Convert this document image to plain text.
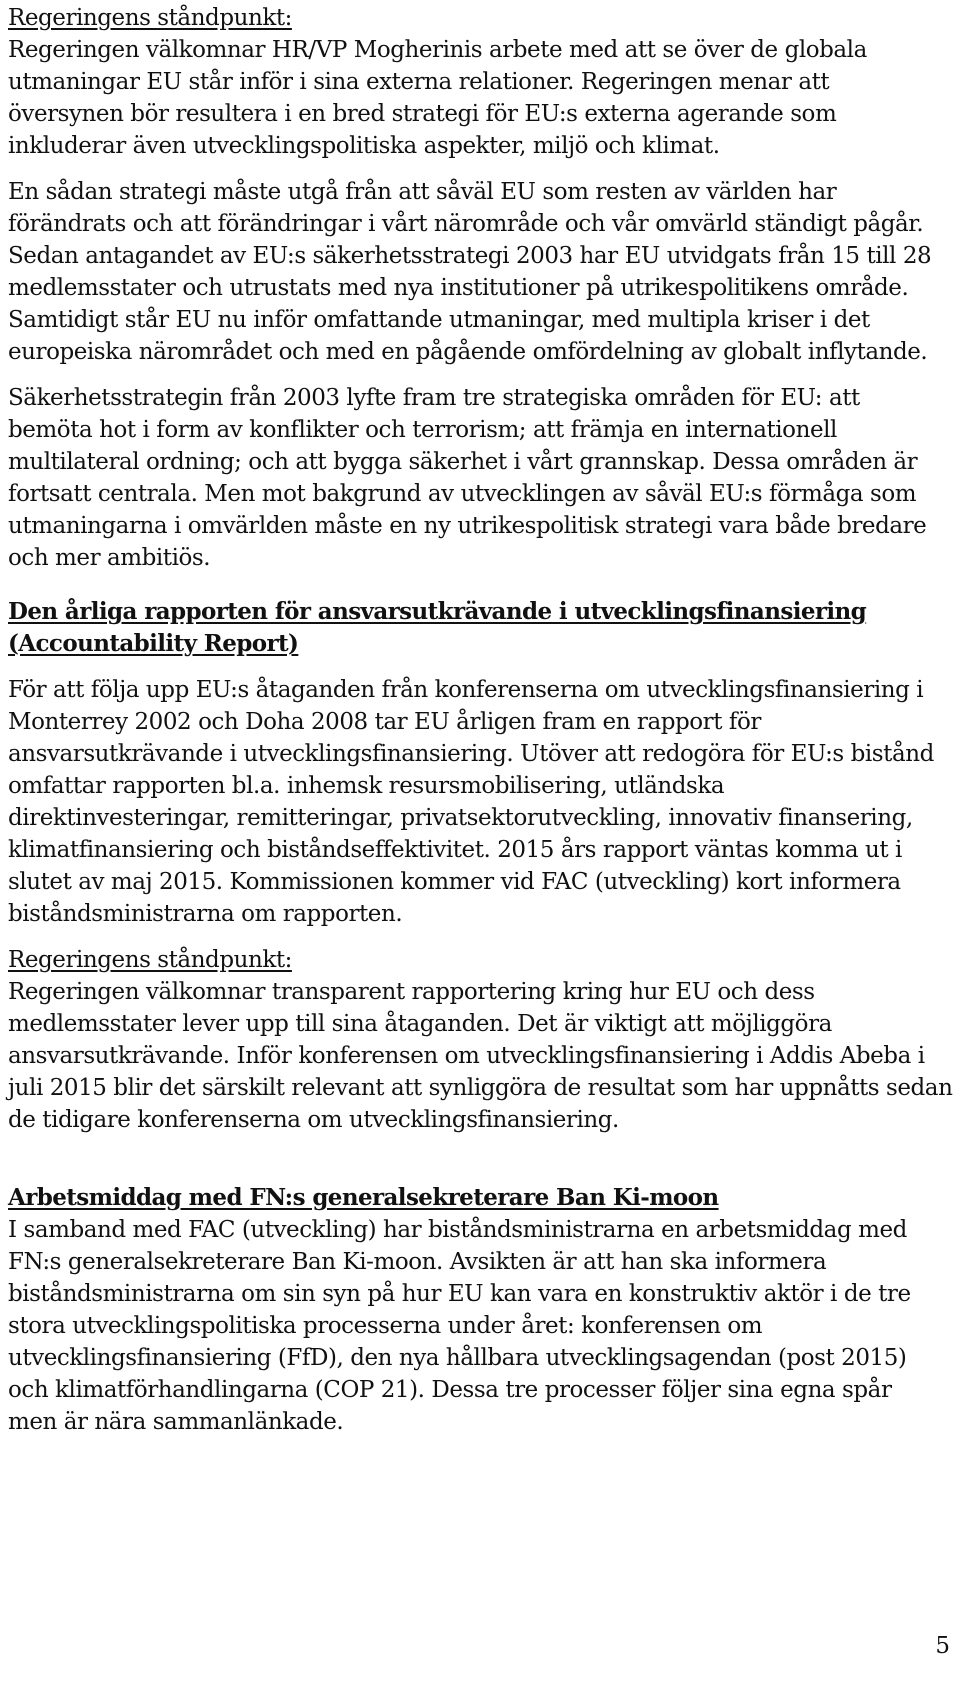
Regeringens ståndpunkt:
Regeringen välkomnar HR/VP Mogherinis arbete med att se över de globala
utmaningar EU står inför i sina externa relationer. Regeringen menar att
översynen bör resultera i en bred strategi för EU:s externa agerande som
inkluderar även utvecklingspolitiska aspekter, miljö och klimat.
En sådan strategi måste utgå från att såväl EU som resten av världen har
förändrats och att förändringar i vårt närområde och vår omvärld ständigt pågår.
Sedan antagandet av EU:s säkerhetsstrategi 2003 har EU utvidgats från 15 till 28
medlemsstater och utrustats med nya institutioner på utrikespolitikens område.
Samtidigt står EU nu inför omfattande utmaningar, med multipla kriser i det
europeiska närområdet och med en pågående omfördelning av globalt inflytande.
Säkerhetsstrategin från 2003 lyfte fram tre strategiska områden för EU: att
bemöta hot i form av konflikter och terrorism; att främja en internationell
multilateral ordning; och att bygga säkerhet i vårt grannskap. Dessa områden är
fortsatt centrala. Men mot bakgrund av utvecklingen av såväl EU:s förmåga som
utmaningarna i omvärlden måste en ny utrikespolitisk strategi vara både bredare
och mer ambitiös.
Den årliga rapporten för ansvarsutkrävande i utvecklingsfinansiering
(Accountability Report)
För att följa upp EU:s åtaganden från konferenserna om utvecklingsfinansiering i
Monterrey 2002 och Doha 2008 tar EU årligen fram en rapport för
ansvarsutkrävande i utvecklingsfinansiering. Utöver att redogöra för EU:s bistånd
omfattar rapporten bl.a. inhemsk resursmobilisering, utländska
direktinvesteringar, remitteringar, privatsektorutveckling, innovativ finansering,
klimatfinansiering och biståndseffektivitet. 2015 års rapport väntas komma ut i
slutet av maj 2015. Kommissionen kommer vid FAC (utveckling) kort informera
biståndsministrarna om rapporten.
Regeringens ståndpunkt:
Regeringen välkomnar transparent rapportering kring hur EU och dess
medlemsstater lever upp till sina åtaganden. Det är viktigt att möjliggöra
ansvarsutkrävande. Inför konferensen om utvecklingsfinansiering i Addis Abeba i
juli 2015 blir det särskilt relevant att synliggöra de resultat som har uppnåtts sedan
de tidigare konferenserna om utvecklingsfinansiering.
Arbetsmiddag med FN:s generalsekreterare Ban Ki-moon
I samband med FAC (utveckling) har biståndsministrarna en arbetsmiddag med
FN:s generalsekreterare Ban Ki-moon. Avsikten är att han ska informera
biståndsministrarna om sin syn på hur EU kan vara en konstruktiv aktör i de tre
stora utvecklingspolitiska processerna under året: konferensen om
utvecklingsfinansiering (FfD), den nya hållbara utvecklingsagendan (post 2015)
och klimatförhandlingarna (COP 21). Dessa tre processer följer sina egna spår
men är nära sammanlänkade.
5
